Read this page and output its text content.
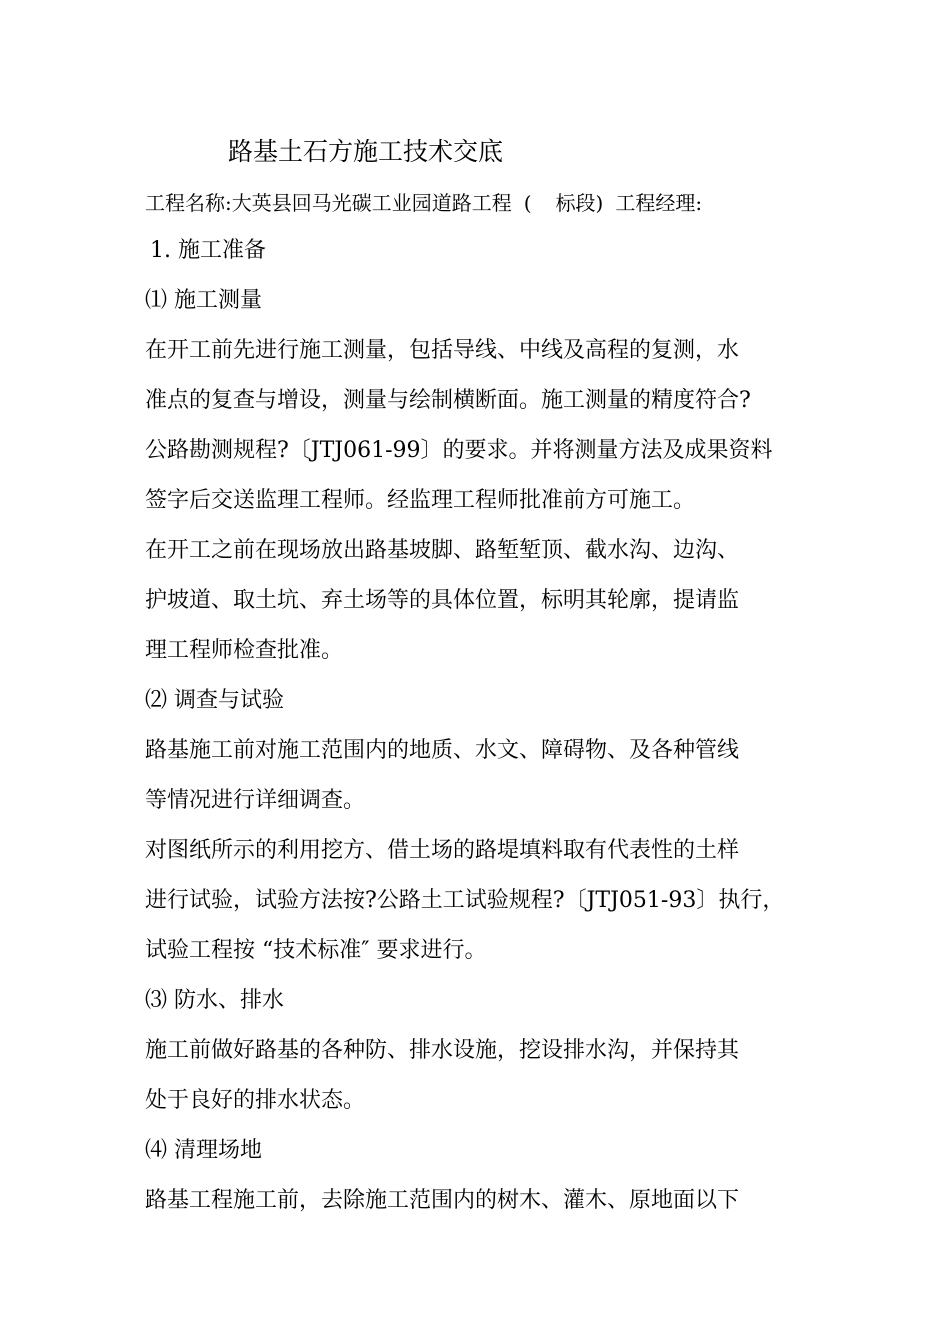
路基土石方施工技术交底
工程名称:大英县回马光碳工业园道路工程 ( 标段) 工程经理:
1. 施工准备
⑴ 施工测量
在开工前先进行施工测量，包括导线、中线及高程的复测，水
准点的复查与增设，测量与绘制横断面。施工测量的精度符合?
公路勘测规程?〔JTJ061-99〕的要求。并将测量方法及成果资料
签字后交送监理工程师。经监理工程师批准前方可施工。
在开工之前在现场放出路基坡脚、路堑堑顶、截水沟、边沟、
护坡道、取土坑、弃土场等的具体位置，标明其轮廓，提请监
理工程师检查批准。
⑵ 调查与试验
路基施工前对施工范围内的地质、水文、障碍物、及各种管线
等情况进行详细调查。
对图纸所示的利用挖方、借土场的路堤填料取有代表性的土样
进行试验，试验方法按?公路土工试验规程?〔JTJ051-93〕执行，
试验工程按 “技术标准″ 要求进行。
⑶ 防水、排水
施工前做好路基的各种防、排水设施，挖设排水沟，并保持其
处于良好的排水状态。
⑷ 清理场地
路基工程施工前，去除施工范围内的树木、灌木、原地面以下
